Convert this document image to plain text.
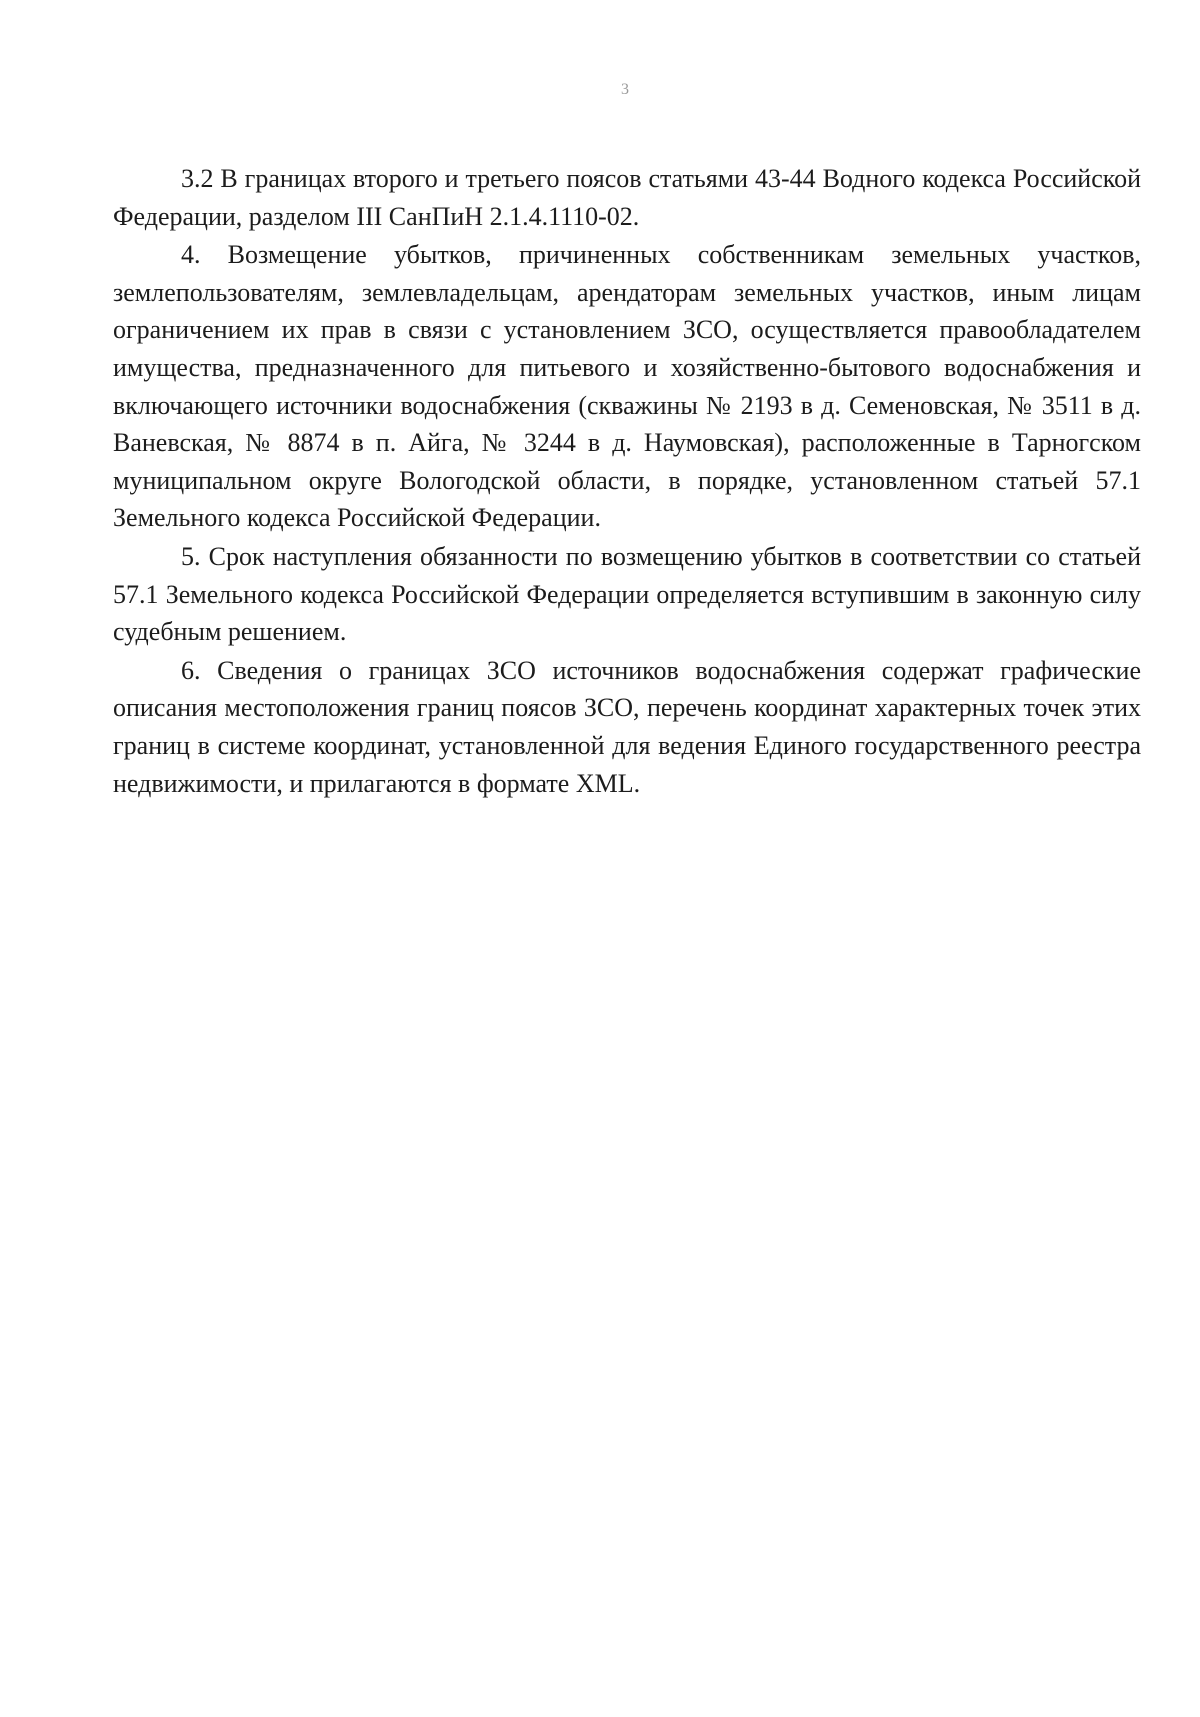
3

3.2 В границах второго и третьего поясов статьями 43-44 Водного кодекса Российской Федерации, разделом III СанПиН 2.1.4.1110-02.

4. Возмещение убытков, причиненных собственникам земельных участков, землепользователям, землевладельцам, арендаторам земельных участков, иным лицам ограничением их прав в связи с установлением ЗСО, осуществляется правообладателем имущества, предназначенного для питьевого и хозяйственно-бытового водоснабжения и включающего источники водоснабжения (скважины № 2193 в д. Семеновская, № 3511 в д. Ваневская, № 8874 в п. Айга, № 3244 в д. Наумовская), расположенные в Тарногском муниципальном округе Вологодской области, в порядке, установленном статьей 57.1 Земельного кодекса Российской Федерации.

5. Срок наступления обязанности по возмещению убытков в соответствии со статьей 57.1 Земельного кодекса Российской Федерации определяется вступившим в законную силу судебным решением.

6. Сведения о границах ЗСО источников водоснабжения содержат графические описания местоположения границ поясов ЗСО, перечень координат характерных точек этих границ в системе координат, установленной для ведения Единого государственного реестра недвижимости, и прилагаются в формате XML.
